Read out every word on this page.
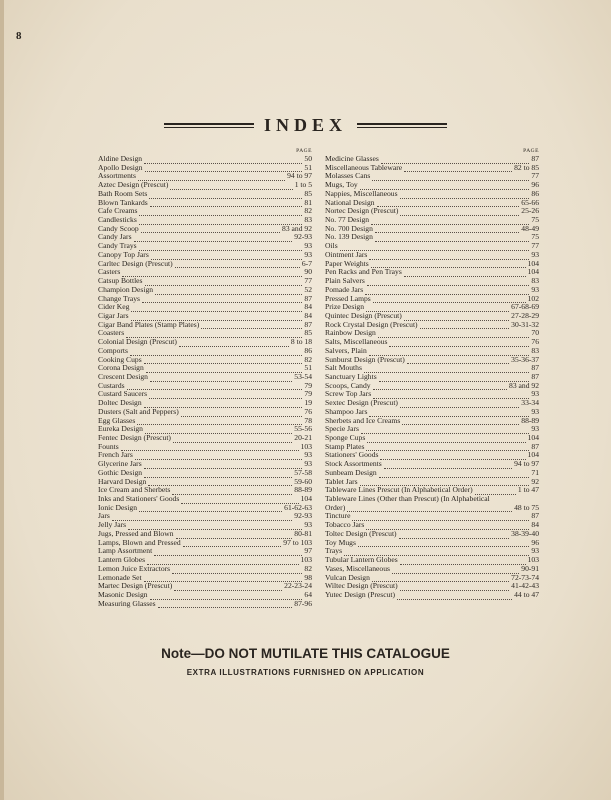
8
INDEX
PAGE
Aldine Design	50
Apollo Design	51
Assortments	94 to 97
Aztec Design (Prescut)	1 to 5
Bath Room Sets	85
Blown Tankards	81
Cafe Creams	82
Candlesticks	83
Candy Scoop	83 and 92
Candy Jars	92-93
Candy Trays	93
Canopy Top Jars	93
Carltec Design (Prescut)	6-7
Casters	90
Catsup Bottles	77
Champion Design	52
Change Trays	87
Cider Keg	84
Cigar Jars	84
Cigar Band Plates (Stamp Plates)	87
Coasters	85
Colonial Design (Prescut)	8 to 18
Comports	86
Cooking Cups	82
Corona Design	51
Crescent Design	53-54
Custards	79
Custard Saucers	79
Doltec Design	19
Dusters (Salt and Peppers)	76
Egg Glasses	78
Eureka Design	55-56
Fentec Design (Prescut)	20-21
Founts	103
French Jars	93
Glycerine Jars	93
Gothic Design	57-58
Harvard Design	59-60
Ice Cream and Sherbets	88-89
Inks and Stationers' Goods	104
Ionic Design	61-62-63
Jars	92-93
Jelly Jars	93
Jugs, Pressed and Blown	80-81
Lamps, Blown and Pressed	97 to 103
Lamp Assortment	97
Lantern Globes	103
Lemon Juice Extractors	82
Lemonade Set	98
Martec Design (Prescut)	22-23-24
Masonic Design	64
Measuring Glasses	87-96
PAGE
Medicine Glasses	87
Miscellaneous Tableware	82 to 85
Molasses Cans	77
Mugs, Toy	96
Nappies, Miscellaneous	86
National Design	65-66
Nortec Design (Prescut)	25-26
No. 77 Design	75
No. 700 Design	48-49
No. 139 Design	75
Oils	77
Ointment Jars	93
Paper Weights	104
Pen Racks and Pen Trays	104
Plain Salvers	83
Pomade Jars	93
Pressed Lamps	102
Prize Design	67-68-69
Quintec Design (Prescut)	27-28-29
Rock Crystal Design (Prescut)	30-31-32
Rainbow Design	70
Salts, Miscellaneous	76
Salvers, Plain	83
Sunburst Design (Prescut)	35-36-37
Salt Mouths	87
Sanctuary Lights	87
Scoops, Candy	83 and 92
Screw Top Jars	93
Sextec Design (Prescut)	33-34
Shampoo Jars	93
Sherbets and Ice Creams	88-89
Specie Jars	93
Sponge Cups	104
Stamp Plates	87
Stationers' Goods	104
Stock Assortments	94 to 97
Sunbeam Design	71
Tablet Jars	92
Tableware Lines Prescut (In Alphabetical Order)	1 to 47
Tableware Lines (Other than Prescut) (In Alphabetical
Order)	48 to 75
Tincture	87
Tobacco Jars	84
Toltec Design (Prescut)	38-39-40
Toy Mugs	96
Trays	93
Tubular Lantern Globes	103
Vases, Miscellaneous	90-91
Vulcan Design	72-73-74
Wiltec Design (Prescut)	41-42-43
Yutec Design (Prescut)	44 to 47
Note—DO NOT MUTILATE THIS CATALOGUE
EXTRA ILLUSTRATIONS FURNISHED ON APPLICATION
